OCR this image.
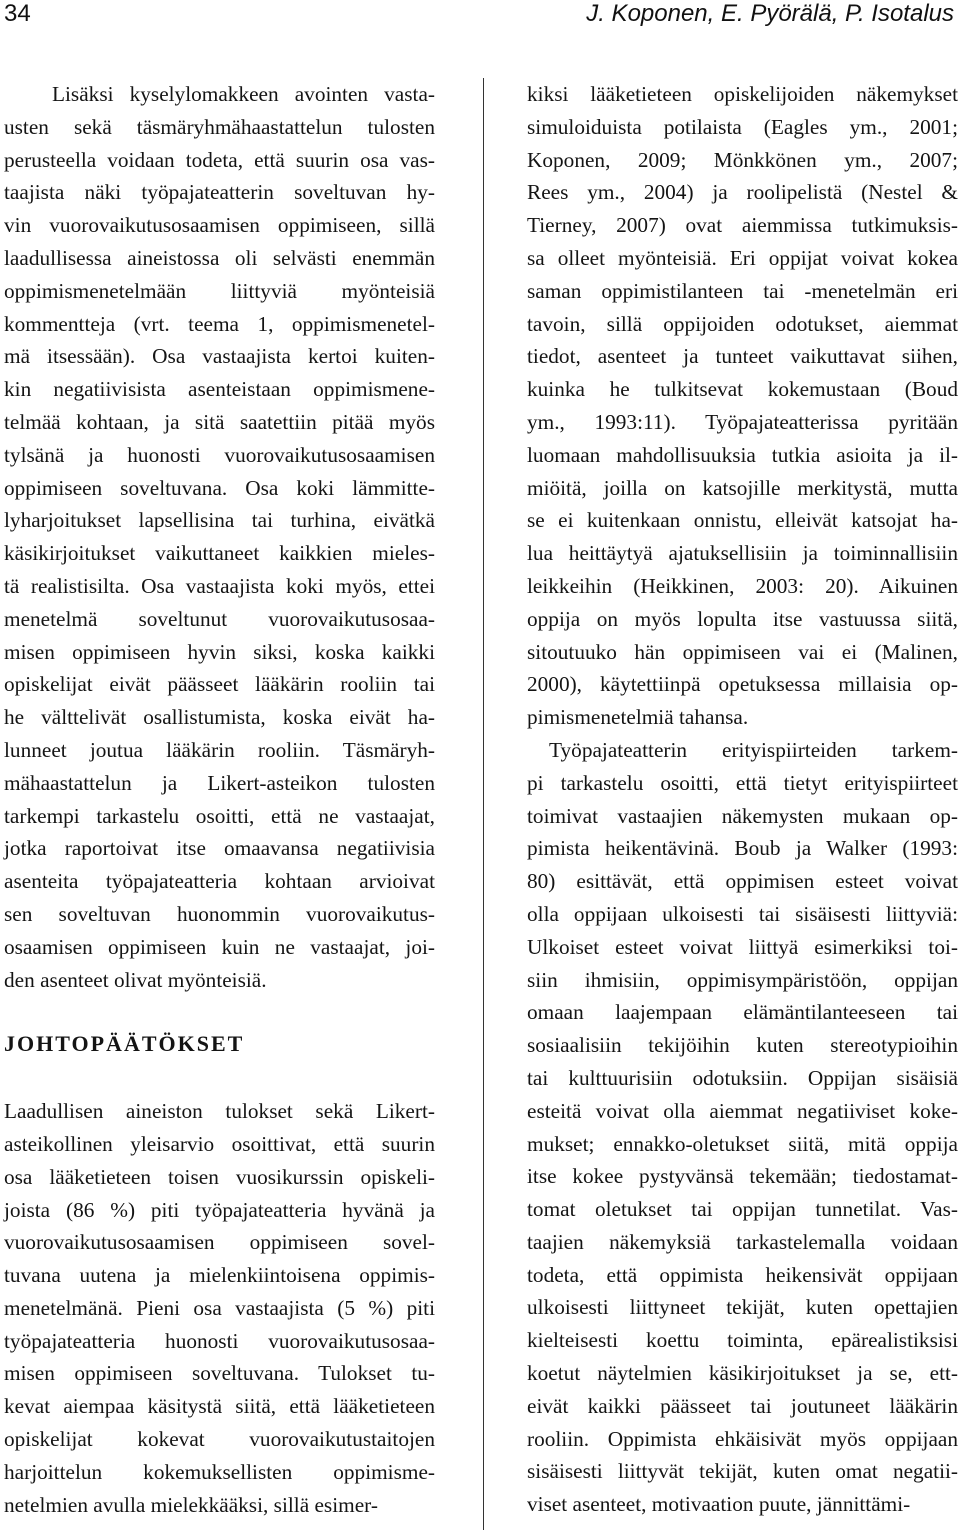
34	J. Koponen, E. Pyörälä, P. Isotalus

Lisäksi kyselylomakkeen avointen vasta-
usten sekä täsmäryhmähaastattelun tulosten
perusteella voidaan todeta, että suurin osa vas-
taajista näki työpajateatterin soveltuvan hy-
vin vuorovaikutusosaamisen oppimiseen, sillä
laadullisessa aineistossa oli selvästi enemmän
oppimismenetelmään liittyviä myönteisiä
kommentteja (vrt. teema 1, oppimismenetel-
mä itsessään). Osa vastaajista kertoi kuiten-
kin negatiivisista asenteistaan oppimismene-
telmää kohtaan, ja sitä saatettiin pitää myös
tylsänä ja huonosti vuorovaikutusosaamisen
oppimiseen soveltuvana. Osa koki lämmitte-
lyharjoitukset lapsellisina tai turhina, eivätkä
käsikirjoitukset vaikuttaneet kaikkien mieles-
tä realistisilta. Osa vastaajista koki myös, ettei
menetelmä soveltunut vuorovaikutusosaa-
misen oppimiseen hyvin siksi, koska kaikki
opiskelijat eivät päässeet lääkärin rooliin tai
he välttelivät osallistumista, koska eivät ha-
lunneet joutua lääkärin rooliin. Täsmäryh-
mähaastattelun ja Likert-asteikon tulosten
tarkempi tarkastelu osoitti, että ne vastaajat,
jotka raportoivat itse omaavansa negatiivisia
asenteita työpajateatteria kohtaan arvioivat
sen soveltuvan huonommin vuorovaikutus-
osaamisen oppimiseen kuin ne vastaajat, joi-
den asenteet olivat myönteisiä.

JOHTOPÄÄTÖKSET

Laadullisen aineiston tulokset sekä Likert-
asteikollinen yleisarvio osoittivat, että suurin
osa lääketieteen toisen vuosikurssin opiskeli-
joista (86 %) piti työpajateatteria hyvänä ja
vuorovaikutusosaamisen oppimiseen sovel-
tuvana uutena ja mielenkiintoisena oppimis-
menetelmänä. Pieni osa vastaajista (5 %) piti
työpajateatteria huonosti vuorovaikutusosaa-
misen oppimiseen soveltuvana. Tulokset tu-
kevat aiempaa käsitystä siitä, että lääketieteen
opiskelijat kokevat vuorovaikutustaitojen
harjoittelun kokemuksellisten oppimisme-
netelmien avulla mielekkääksi, sillä esimer-

kiksi lääketieteen opiskelijoiden näkemykset
simuloiduista potilaista (Eagles ym., 2001;
Koponen, 2009; Mönkkönen ym., 2007;
Rees ym., 2004) ja roolipelistä (Nestel &
Tierney, 2007) ovat aiemmissa tutkimuksis-
sa olleet myönteisiä. Eri oppijat voivat kokea
saman oppimistilanteen tai -menetelmän eri
tavoin, sillä oppijoiden odotukset, aiemmat
tiedot, asenteet ja tunteet vaikuttavat siihen,
kuinka he tulkitsevat kokemustaan (Boud
ym., 1993:11). Työpajateatterissa pyritään
luomaan mahdollisuuksia tutkia asioita ja il-
miöitä, joilla on katsojille merkitystä, mutta
se ei kuitenkaan onnistu, elleivät katsojat ha-
lua heittäytyä ajatuksellisiin ja toiminnallisiin
leikkeihin (Heikkinen, 2003: 20). Aikuinen
oppija on myös lopulta itse vastuussa siitä,
sitoutuuko hän oppimiseen vai ei (Malinen,
2000), käytettiinpä opetuksessa millaisia op-
pimismenetelmiä tahansa.

Työpajateatterin erityispiirteiden tarkem-
pi tarkastelu osoitti, että tietyt erityispiirteet
toimivat vastaajien näkemysten mukaan op-
pimista heikentävinä. Boub ja Walker (1993:
80) esittävät, että oppimisen esteet voivat
olla oppijaan ulkoisesti tai sisäisesti liittyviä:
Ulkoiset esteet voivat liittyä esimerkiksi toi-
siin ihmisiin, oppimisympäristöön, oppijan
omaan laajempaan elämäntilanteeseen tai
sosiaalisiin tekijöihin kuten stereotypioihin
tai kulttuurisiin odotuksiin. Oppijan sisäisiä
esteitä voivat olla aiemmat negatiiviset koke-
mukset; ennakko-oletukset siitä, mitä oppija
itse kokee pystyvänsä tekemään; tiedostamat-
tomat oletukset tai oppijan tunnetilat. Vas-
taajien näkemyksiä tarkastelemalla voidaan
todeta, että oppimista heikensivät oppijaan
ulkoisesti liittyneet tekijät, kuten opettajien
kielteisesti koettu toiminta, epärealistiksisi
koetut näytelmien käsikirjoitukset ja se, ett-
eivät kaikki päässeet tai joutuneet lääkärin
rooliin. Oppimista ehkäisivät myös oppijaan
sisäisesti liittyvät tekijät, kuten omat negatii-
viset asenteet, motivaation puute, jännittämi-
